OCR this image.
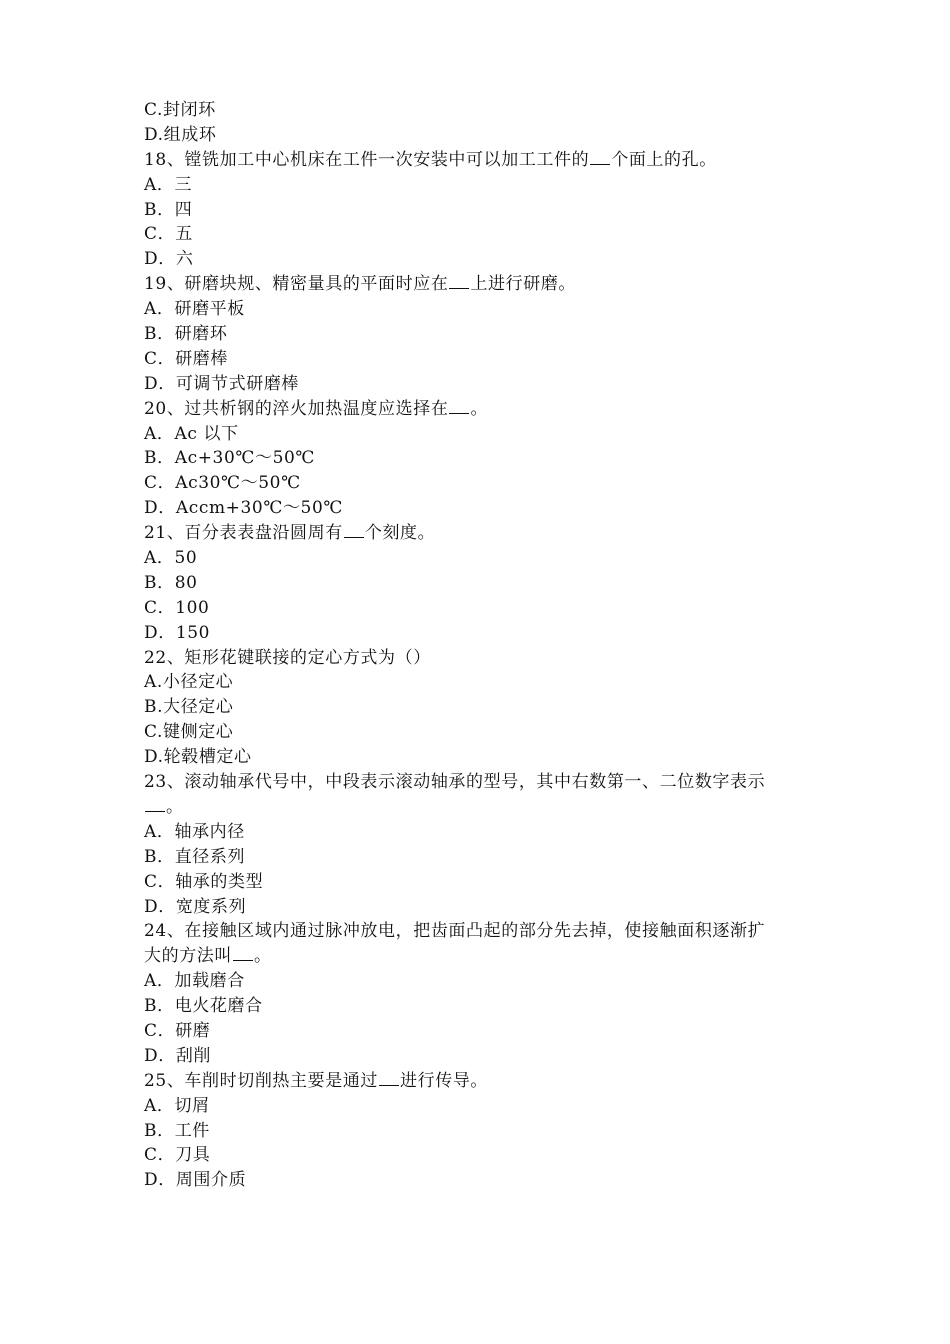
C.封闭环
D.组成环
18、镗铣加工中心机床在工件一次安装中可以加工工件的 个面上的孔。
A．三
B．四
C．五
D．六
19、研磨块规、精密量具的平面时应在 上进行研磨。
A．研磨平板
B．研磨环
C．研磨棒
D．可调节式研磨棒
20、过共析钢的淬火加热温度应选择在 。
A．Ac 以下
B．Ac+30℃～50℃
C．Ac30℃～50℃
D．Accm+30℃～50℃
21、百分表表盘沿圆周有 个刻度。
A．50
B．80
C．100
D．150
22、矩形花键联接的定心方式为（）
A.小径定心
B.大径定心
C.键侧定心
D.轮毂槽定心
23、滚动轴承代号中，中段表示滚动轴承的型号，其中右数第一、二位数字表示
。
A．轴承内径
B．直径系列
C．轴承的类型
D．宽度系列
24、在接触区域内通过脉冲放电，把齿面凸起的部分先去掉，使接触面积逐渐扩
大的方法叫 。
A．加载磨合
B．电火花磨合
C．研磨
D．刮削
25、车削时切削热主要是通过 进行传导。
A．切屑
B．工件
C．刀具
D．周围介质
